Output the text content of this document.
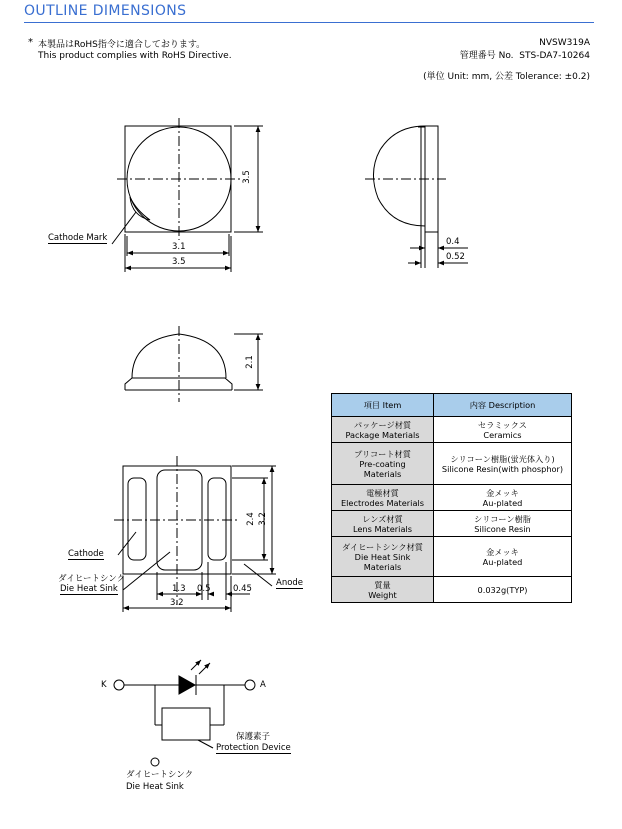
OUTLINE DIMENSIONS
* 本製品はRoHS指令に適合しております。
This product complies with RoHS Directive.
NVSW319A
管理番号 No. STS-DA7-10264
(単位 Unit: mm, 公差 Tolerance: ±0.2)
Cathode Mark
3.1
3.5
3.5
0.4
0.52
2.1
Cathode
ダイヒートシンク
Die Heat Sink
Anode
1.3 0.5	0.45
3.2
2.4 3.2
項目 Item	内容 Description

パッケージ材質
Package Materials	セラミックス
Ceramics

プリコート材質
Pre-coating
Materials	シリコーン樹脂(蛍光体入り)
Silicone Resin(with phosphor)

電極材質
Electrodes Materials	金メッキ
Au-plated

レンズ材質
Lens Materials	シリコーン樹脂
Silicone Resin

ダイヒートシンク材質
Die Heat Sink
Materials	金メッキ
Au-plated

質量
Weight	0.032g(TYP)
K	A
保護素子
Protection Device
ダイヒートシンク
Die Heat Sink
